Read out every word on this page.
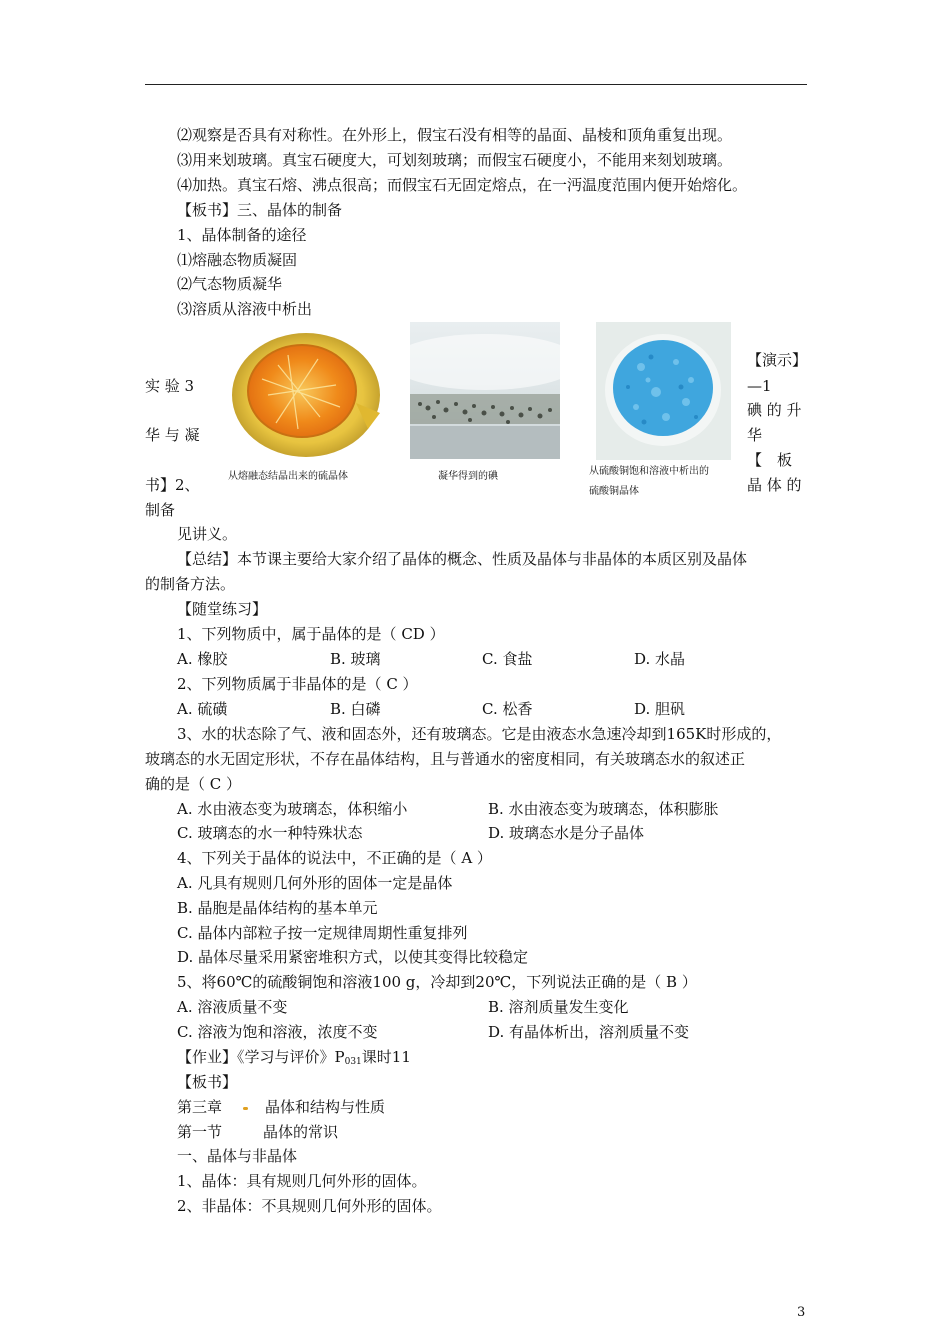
⑵观察是否具有对称性。在外形上，假宝石没有相等的晶面、晶棱和顶角重复出现。
⑶用来划玻璃。真宝石硬度大，可划刻玻璃；而假宝石硬度小，不能用来刻划玻璃。
⑷加热。真宝石熔、沸点很高；而假宝石无固定熔点，在一沔温度范围内便开始熔化。
【板书】三、晶体的制备
1、晶体制备的途径
⑴熔融态物质凝固
⑵气态物质凝华
⑶溶质从溶液中析出
实 验 3
华 与 凝
书】2、
制备
从熔融态结晶出来的硫晶体	凝华得到的碘	从硫酸铜饱和溶液中析出的
硫酸铜晶体
【演示】
—1
碘 的 升
华
【　板
晶 体 的
见讲义。
【总结】本节课主要给大家介绍了晶体的概念、性质及晶体与非晶体的本质区别及晶体
的制备方法。
【随堂练习】
1、下列物质中，属于晶体的是（ CD ）
A. 橡胶	B. 玻璃	C. 食盐	D. 水晶
2、下列物质属于非晶体的是（ C ）
A. 硫磺	B. 白磷	C. 松香	D. 胆矾
3、水的状态除了气、液和固态外，还有玻璃态。它是由液态水急速冷却到165K时形成的，
玻璃态的水无固定形状，不存在晶体结构，且与普通水的密度相同，有关玻璃态水的叙述正
确的是（ C ）
A. 水由液态变为玻璃态，体积缩小	B. 水由液态变为玻璃态，体积膨胀
C. 玻璃态的水一种特殊状态	D. 玻璃态水是分子晶体
4、下列关于晶体的说法中，不正确的是（ A ）
A. 凡具有规则几何外形的固体一定是晶体
B. 晶胞是晶体结构的基本单元
C. 晶体内部粒子按一定规律周期性重复排列
D. 晶体尽量采用紧密堆积方式，以使其变得比较稳定
5、将60℃的硫酸铜饱和溶液100 g，冷却到20℃，下列说法正确的是（ B ）
A. 溶液质量不变	B. 溶剂质量发生变化
C. 溶液为饱和溶液，浓度不变	D. 有晶体析出，溶剂质量不变
【作业】《学习与评价》P031课时11
【板书】
第三章	晶体和结构与性质
第一节	晶体的常识
一、晶体与非晶体
1、晶体：具有规则几何外形的固体。
2、非晶体：不具规则几何外形的固体。
3
